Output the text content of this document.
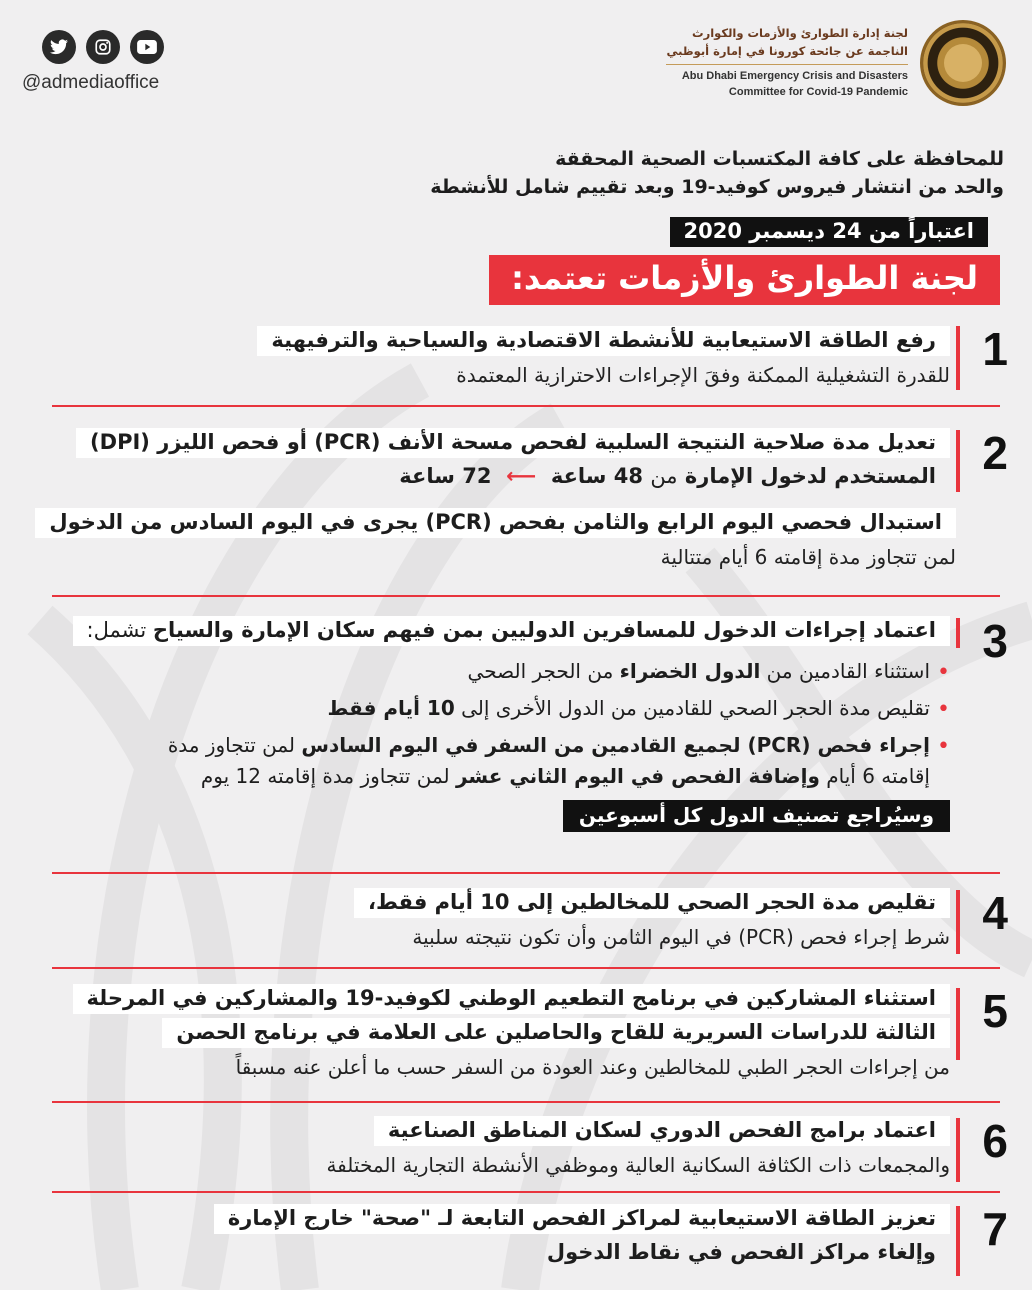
@admediaoffice
لجنة إدارة الطوارئ والأزمات والكوارث
الناجمة عن جائحة كورونا في إمارة أبوظبي
Abu Dhabi Emergency Crisis and Disasters
Committee for Covid-19 Pandemic
للمحافظة على كافة المكتسبات الصحية المحققة
والحد من انتشار فيروس كوفيد-19 وبعد تقييم شامل للأنشطة
اعتباراً من 24 ديسمبر 2020
لجنة الطوارئ والأزمات تعتمد:
1
رفع الطاقة الاستيعابية للأنشطة الاقتصادية والسياحية والترفيهية
للقدرة التشغيلية الممكنة وفقَ الإجراءات الاحترازية المعتمدة
2
تعديل مدة صلاحية النتيجة السلبية لفحص مسحة الأنف (PCR) أو فحص الليزر (DPI)
المستخدم لدخول الإمارة من 48 ساعة  ⟵  72 ساعة
استبدال فحصي اليوم الرابع والثامن بفحص (PCR) يجرى في اليوم السادس من الدخول
لمن تتجاوز مدة إقامته 6 أيام متتالية
3
اعتماد إجراءات الدخول للمسافرين الدوليين بمن فيهم سكان الإمارة والسياح تشمل:
• استثناء القادمين من الدول الخضراء من الحجر الصحي
• تقليص مدة الحجر الصحي للقادمين من الدول الأخرى إلى 10 أيام فقط
• إجراء فحص (PCR) لجميع القادمين من السفر في اليوم السادس لمن تتجاوز مدة
إقامته 6 أيام وإضافة الفحص في اليوم الثاني عشر لمن تتجاوز مدة إقامته 12 يوم
وسيُراجع تصنيف الدول كل أسبوعين
4
تقليص مدة الحجر الصحي للمخالطين إلى 10 أيام فقط،
شرط إجراء فحص (PCR) في اليوم الثامن وأن تكون نتيجته سلبية
5
استثناء المشاركين في برنامج التطعيم الوطني لكوفيد-19 والمشاركين في المرحلة
الثالثة للدراسات السريرية للقاح والحاصلين على العلامة في برنامج الحصن
من إجراءات الحجر الطبي للمخالطين وعند العودة من السفر حسب ما أعلن عنه مسبقاً
6
اعتماد برامج الفحص الدوري لسكان المناطق الصناعية
والمجمعات ذات الكثافة السكانية العالية وموظفي الأنشطة التجارية المختلفة
7
تعزيز الطاقة الاستيعابية لمراكز الفحص التابعة لـ "صحة" خارج الإمارة
وإلغاء مراكز الفحص في نقاط الدخول
